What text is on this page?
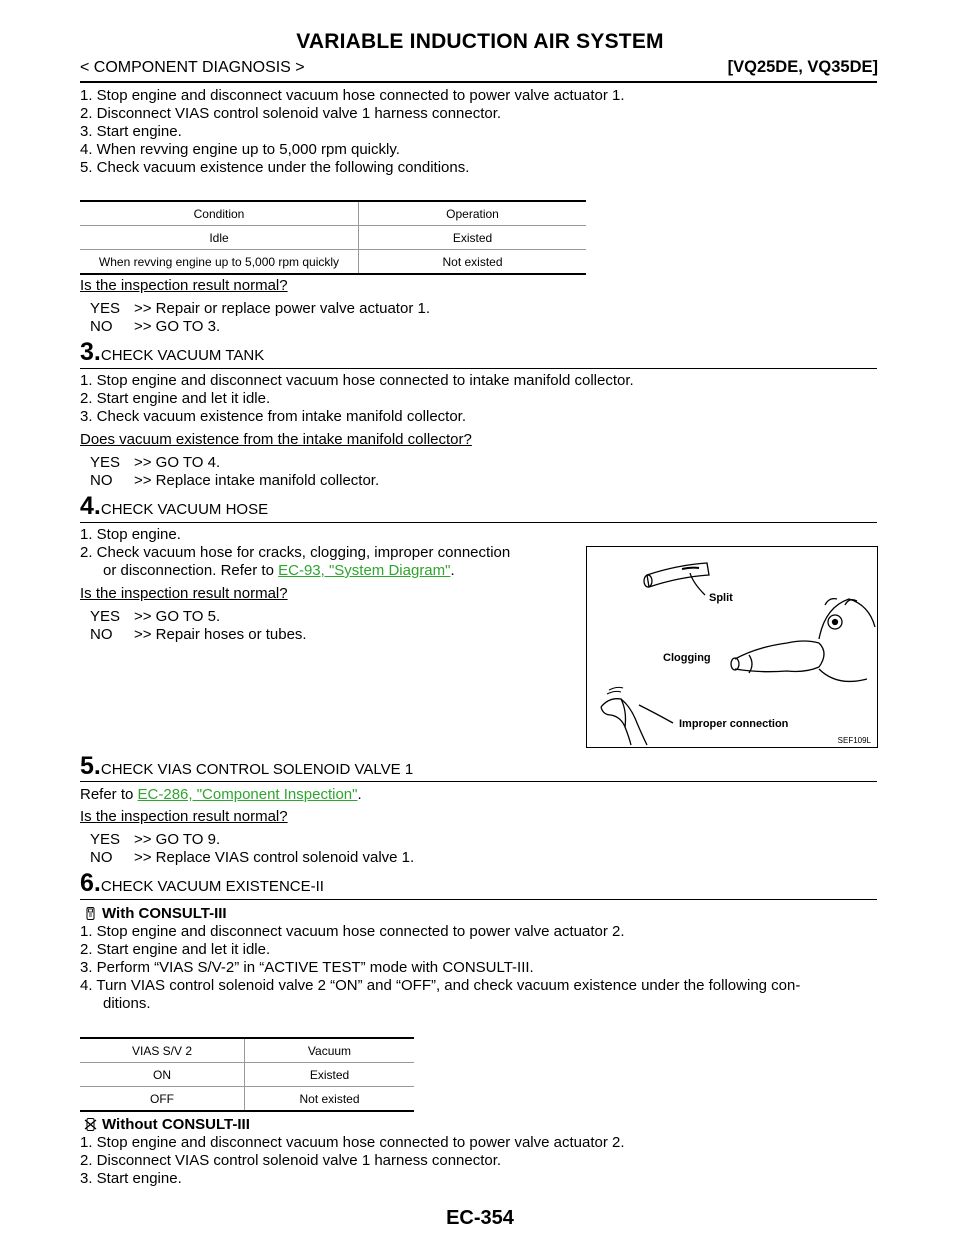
VARIABLE INDUCTION AIR SYSTEM
< COMPONENT DIAGNOSIS >	[VQ25DE, VQ35DE]
1. Stop engine and disconnect vacuum hose connected to power valve actuator 1.
2. Disconnect VIAS control solenoid valve 1 harness connector.
3. Start engine.
4. When revving engine up to 5,000 rpm quickly.
5. Check vacuum existence under the following conditions.
Condition	Operation
Idle	Existed
When revving engine up to 5,000 rpm quickly	Not existed
Is the inspection result normal?
YES >> Repair or replace power valve actuator 1.
NO >> GO TO 3.
3.CHECK VACUUM TANK
1. Stop engine and disconnect vacuum hose connected to intake manifold collector.
2. Start engine and let it idle.
3. Check vacuum existence from intake manifold collector.
Does vacuum existence from the intake manifold collector?
YES >> GO TO 4.
NO >> Replace intake manifold collector.
4.CHECK VACUUM HOSE
1. Stop engine.
2. Check vacuum hose for cracks, clogging, improper connection
or disconnection. Refer to EC-93, "System Diagram".
Is the inspection result normal?
YES >> GO TO 5.
NO >> Repair hoses or tubes.
Split
Clogging
Improper connection
SEF109L
5.CHECK VIAS CONTROL SOLENOID VALVE 1
Refer to EC-286, "Component Inspection".
Is the inspection result normal?
YES >> GO TO 9.
NO >> Replace VIAS control solenoid valve 1.
6.CHECK VACUUM EXISTENCE-II
With CONSULT-III
1. Stop engine and disconnect vacuum hose connected to power valve actuator 2.
2. Start engine and let it idle.
3. Perform “VIAS S/V-2” in “ACTIVE TEST” mode with CONSULT-III.
4. Turn VIAS control solenoid valve 2 “ON” and “OFF”, and check vacuum existence under the following con-
ditions.
VIAS S/V 2	Vacuum
ON	Existed
OFF	Not existed
Without CONSULT-III
1. Stop engine and disconnect vacuum hose connected to power valve actuator 2.
2. Disconnect VIAS control solenoid valve 1 harness connector.
3. Start engine.
EC-354
